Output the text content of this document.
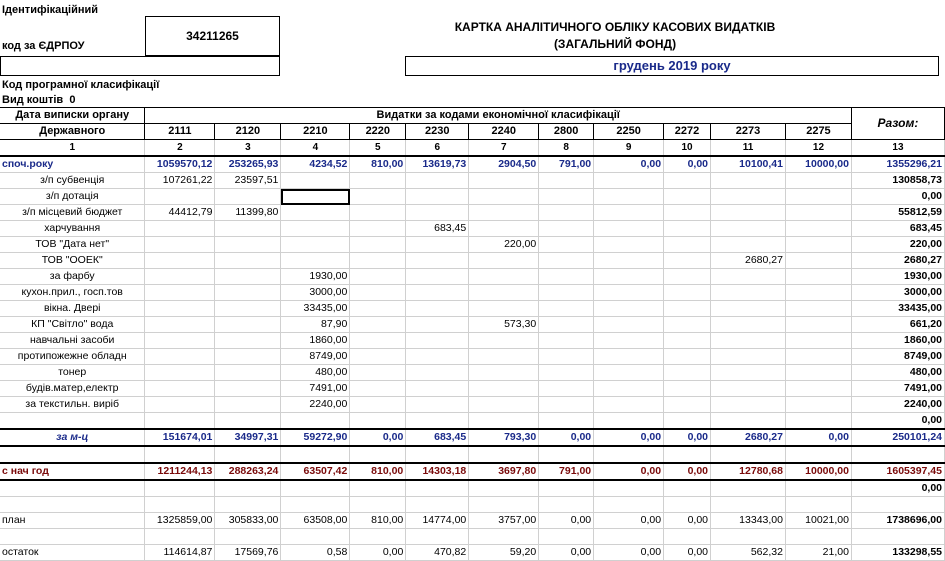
Ідентифікаційний
код за ЄДРПОУ
34211265
КАРТКА АНАЛІТИЧНОГО ОБЛІКУ КАСОВИХ ВИДАТКІВ
(ЗАГАЛЬНИЙ ФОНД)
грудень 2019 року
Код програмної класифікації
Вид коштів 0
Дата виписки органу	Видатки за кодами економічної класифікації											Разом:
Державного	2111	2120	2210	2220	2230	2240	2800	2250	2272	2273	2275	
1	2	3	4	5	6	7	8	9	10	11	12	13
споч.року	1059570,12	253265,93	4234,52	810,00	13619,73	2904,50	791,00	0,00	0,00	10100,41	10000,00	1355296,21
з/п субвенція	107261,22	23597,51										130858,73
з/п дотація												0,00
з/п місцевий бюджет	44412,79	11399,80										55812,59
харчування					683,45							683,45
ТОВ "Дата нет"						220,00						220,00
ТОВ "ООЕК"										2680,27		2680,27
за фарбу			1930,00									1930,00
кухон.прил., госп.тов			3000,00									3000,00
вікна. Двері			33435,00									33435,00
КП "Світло" вода			87,90			573,30						661,20
навчальні засоби			1860,00									1860,00
протипожежне обладн			8749,00									8749,00
тонер			480,00									480,00
будів.матер,електр			7491,00									7491,00
за текстильн. виріб			2240,00									2240,00
												0,00
за м-ц	151674,01	34997,31	59272,90	0,00	683,45	793,30	0,00	0,00	0,00	2680,27	0,00	250101,24

с нач год	1211244,13	288263,24	63507,42	810,00	14303,18	3697,80	791,00	0,00	0,00	12780,68	10000,00	1605397,45
												0,00

план	1325859,00	305833,00	63508,00	810,00	14774,00	3757,00	0,00	0,00	0,00	13343,00	10021,00	1738696,00

остаток	114614,87	17569,76	0,58	0,00	470,82	59,20	0,00	0,00	0,00	562,32	21,00	133298,55
